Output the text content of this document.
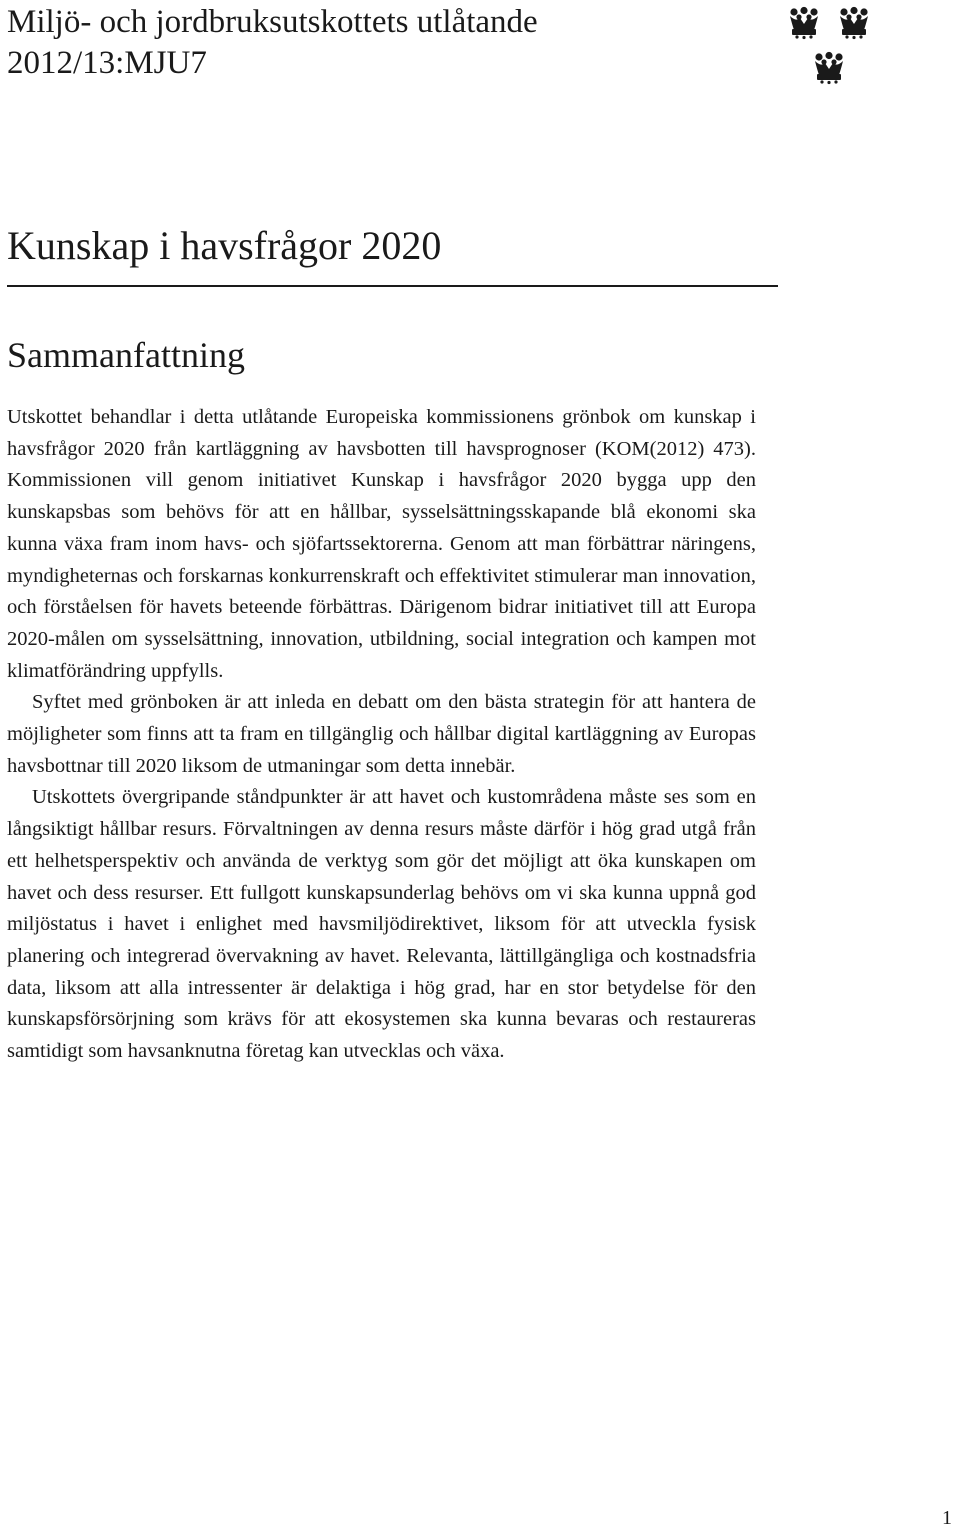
Miljö- och jordbruksutskottets utlåtande
2012/13:MJU7
Kunskap i havsfrågor 2020
Sammanfattning

Utskottet behandlar i detta utlåtande Europeiska kommissionens grönbok om kunskap i havsfrågor 2020 från kartläggning av havsbotten till havsprognoser (KOM(2012) 473). Kommissionen vill genom initiativet Kunskap i havsfrågor 2020 bygga upp den kunskapsbas som behövs för att en hållbar, sysselsättningsskapande blå ekonomi ska kunna växa fram inom havs- och sjöfartssektorerna. Genom att man förbättrar näringens, myndigheternas och forskarnas konkurrenskraft och effektivitet stimulerar man innovation, och förståelsen för havets beteende förbättras. Därigenom bidrar initiativet till att Europa 2020-målen om sysselsättning, innovation, utbildning, social integration och kampen mot klimatförändring uppfylls.

Syftet med grönboken är att inleda en debatt om den bästa strategin för att hantera de möjligheter som finns att ta fram en tillgänglig och hållbar digital kartläggning av Europas havsbottnar till 2020 liksom de utmaningar som detta innebär.

Utskottets övergripande ståndpunkter är att havet och kustområdena måste ses som en långsiktigt hållbar resurs. Förvaltningen av denna resurs måste därför i hög grad utgå från ett helhetsperspektiv och använda de verktyg som gör det möjligt att öka kunskapen om havet och dess resurser. Ett fullgott kunskapsunderlag behövs om vi ska kunna uppnå god miljöstatus i havet i enlighet med havsmiljödirektivet, liksom för att utveckla fysisk planering och integrerad övervakning av havet. Relevanta, lättillgängliga och kostnadsfria data, liksom att alla intressenter är delaktiga i hög grad, har en stor betydelse för den kunskapsförsörjning som krävs för att ekosystemen ska kunna bevaras och restaureras samtidigt som havsanknutna företag kan utvecklas och växa.

1
